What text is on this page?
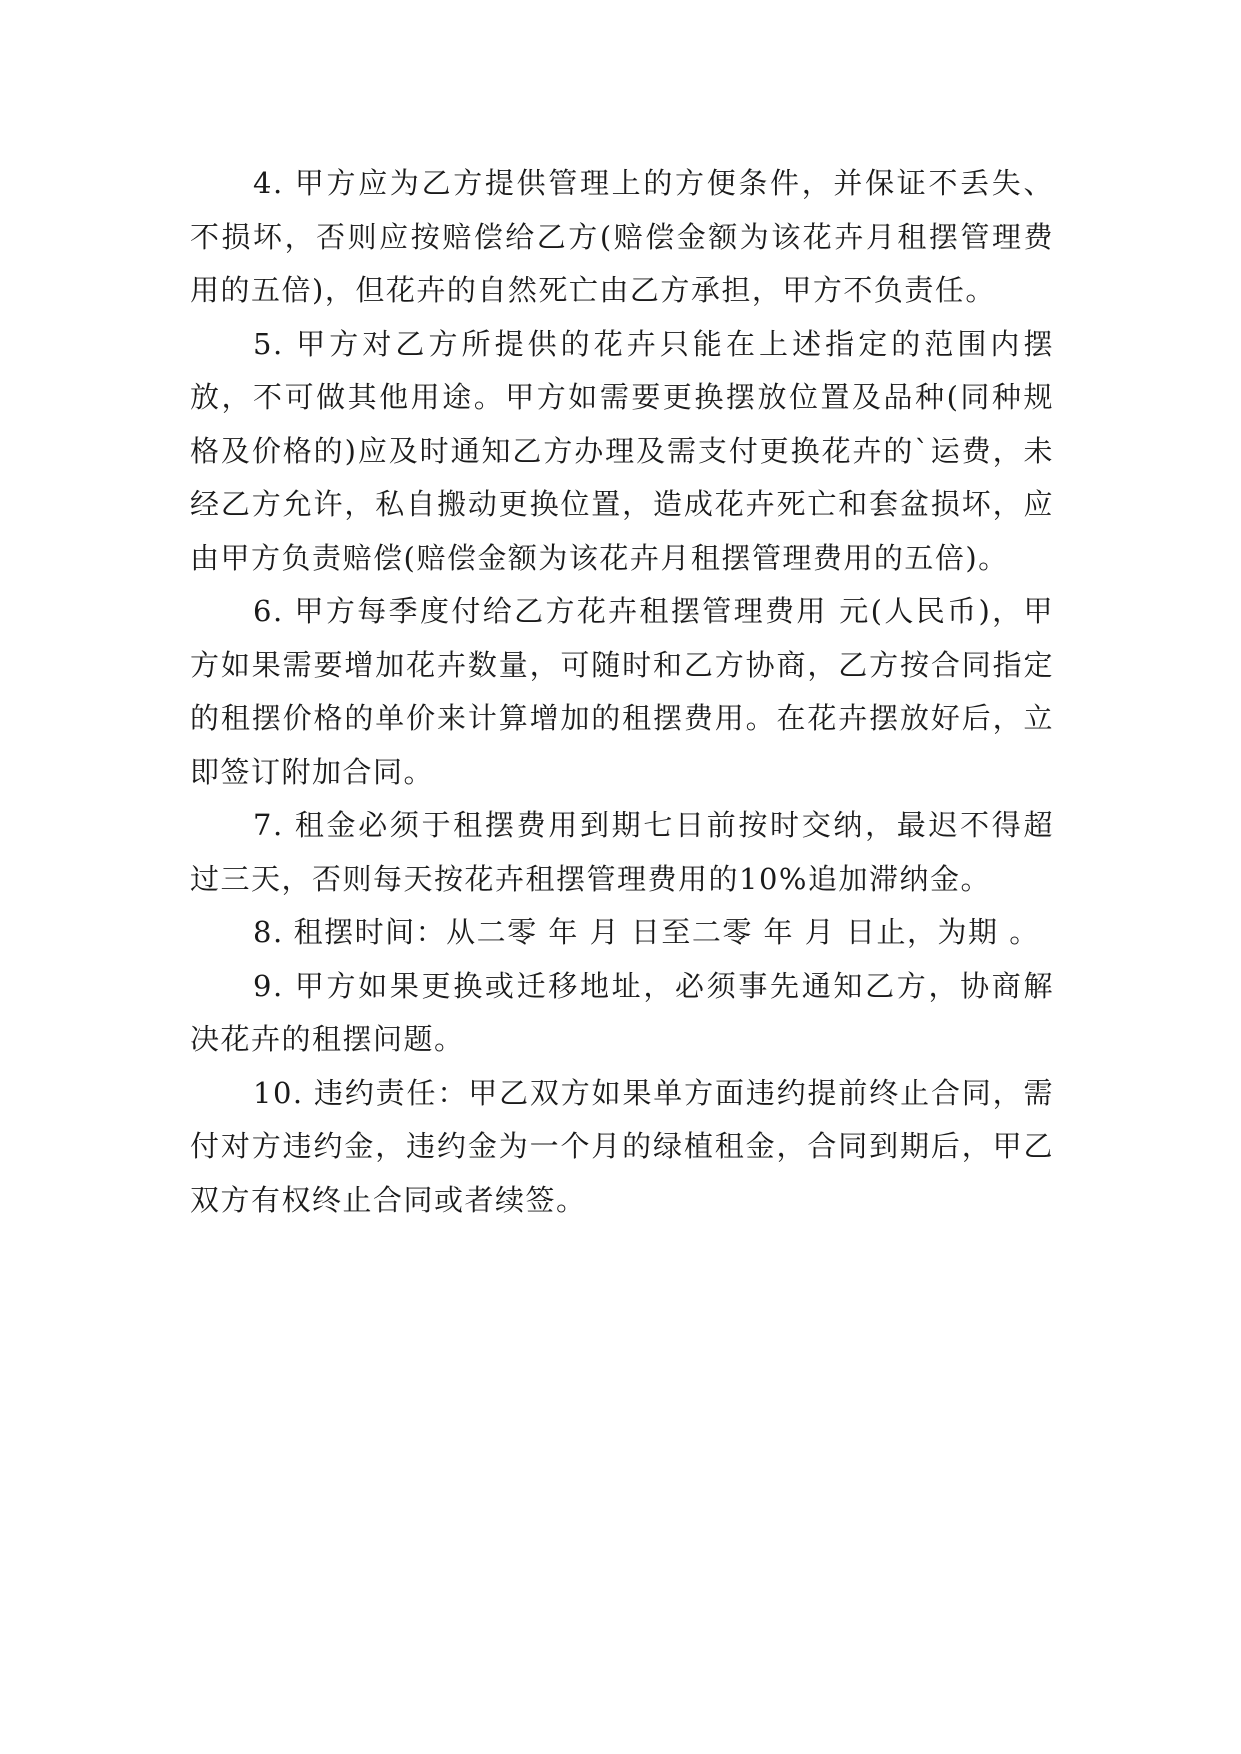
4. 甲方应为乙方提供管理上的方便条件，并保证不丢失、不损坏，否则应按赔偿给乙方(赔偿金额为该花卉月租摆管理费用的五倍)，但花卉的自然死亡由乙方承担，甲方不负责任。

5. 甲方对乙方所提供的花卉只能在上述指定的范围内摆放，不可做其他用途。甲方如需要更换摆放位置及品种(同种规格及价格的)应及时通知乙方办理及需支付更换花卉的`运费，未经乙方允许，私自搬动更换位置，造成花卉死亡和套盆损坏，应由甲方负责赔偿(赔偿金额为该花卉月租摆管理费用的五倍)。

6. 甲方每季度付给乙方花卉租摆管理费用 元(人民币)，甲方如果需要增加花卉数量，可随时和乙方协商，乙方按合同指定的租摆价格的单价来计算增加的租摆费用。在花卉摆放好后，立即签订附加合同。

7. 租金必须于租摆费用到期七日前按时交纳，最迟不得超过三天，否则每天按花卉租摆管理费用的10%追加滞纳金。

8. 租摆时间：从二零 年 月 日至二零 年 月 日止，为期 。

9. 甲方如果更换或迁移地址，必须事先通知乙方，协商解决花卉的租摆问题。

10. 违约责任：甲乙双方如果单方面违约提前终止合同，需付对方违约金，违约金为一个月的绿植租金，合同到期后，甲乙双方有权终止合同或者续签。
